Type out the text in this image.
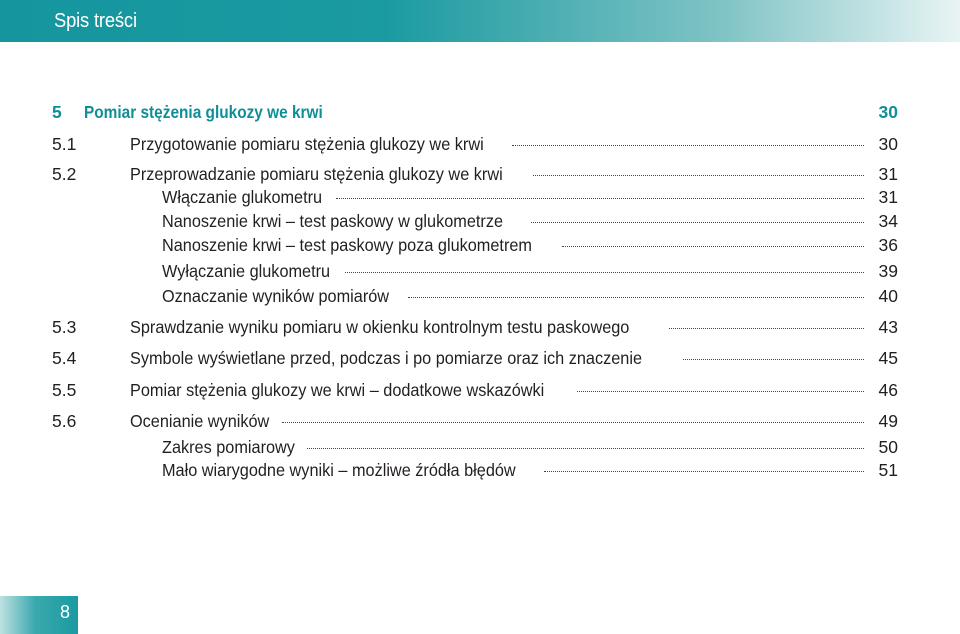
Spis treści
5 Pomiar stężenia glukozy we krwi	30
5.1	Przygotowanie pomiaru stężenia glukozy we krwi	30
5.2	Przeprowadzanie pomiaru stężenia glukozy we krwi	31
Włączanie glukometru	31
Nanoszenie krwi – test paskowy w glukometrze	34
Nanoszenie krwi – test paskowy poza glukometrem	36
Wyłączanie glukometru	39
Oznaczanie wyników pomiarów	40
5.3	Sprawdzanie wyniku pomiaru w okienku kontrolnym testu paskowego	43
5.4	Symbole wyświetlane przed, podczas i po pomiarze oraz ich znaczenie	45
5.5	Pomiar stężenia glukozy we krwi – dodatkowe wskazówki	46
5.6	Ocenianie wyników	49
Zakres pomiarowy	50
Mało wiarygodne wyniki – możliwe źródła błędów	51
8
